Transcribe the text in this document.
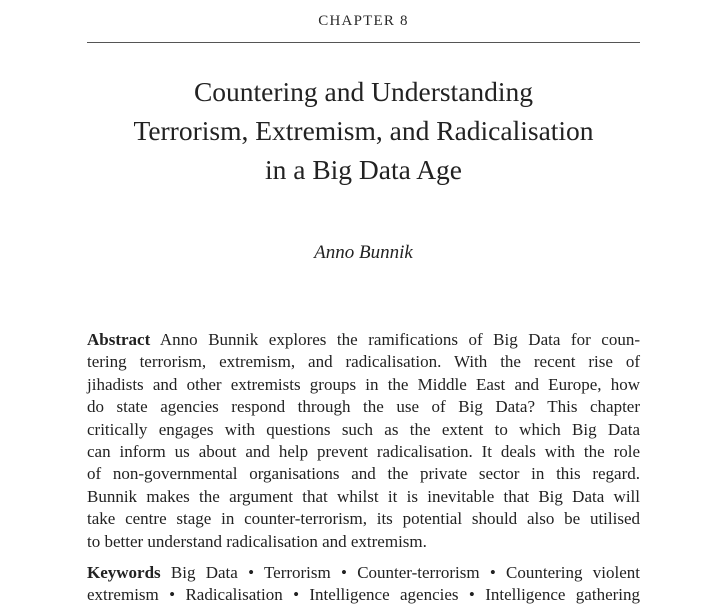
CHAPTER 8
Countering and Understanding
Terrorism, Extremism, and Radicalisation
in a Big Data Age
Anno Bunnik
Abstract Anno Bunnik explores the ramifications of Big Data for coun-
tering terrorism, extremism, and radicalisation. With the recent rise of
jihadists and other extremists groups in the Middle East and Europe, how
do state agencies respond through the use of Big Data? This chapter
critically engages with questions such as the extent to which Big Data
can inform us about and help prevent radicalisation. It deals with the role
of non-governmental organisations and the private sector in this regard.
Bunnik makes the argument that whilst it is inevitable that Big Data will
take centre stage in counter-terrorism, its potential should also be utilised
to better understand radicalisation and extremism.
Keywords Big Data • Terrorism • Counter-terrorism • Countering violent
extremism • Radicalisation • Intelligence agencies • Intelligence gathering
